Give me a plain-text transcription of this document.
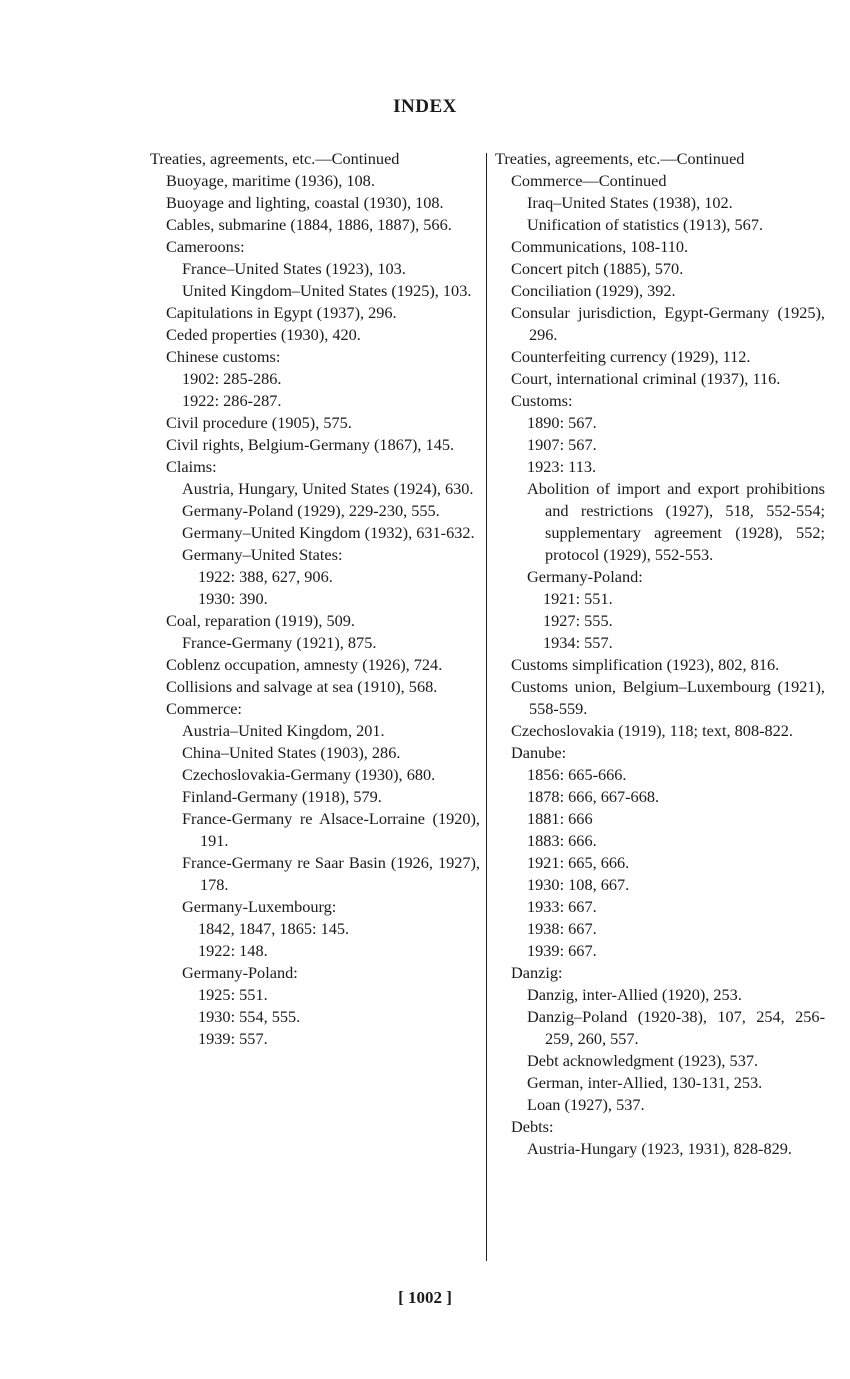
INDEX

Treaties, agreements, etc.—Continued

Buoyage, maritime (1936), 108.

Buoyage and lighting, coastal (1930), 108.

Cables, submarine (1884, 1886, 1887), 566.

Cameroons:

France–United States (1923), 103.

United Kingdom–United States (1925), 103.

Capitulations in Egypt (1937), 296.

Ceded properties (1930), 420.

Chinese customs:

1902: 285-286.

1922: 286-287.

Civil procedure (1905), 575.

Civil rights, Belgium-Germany (1867), 145.

Claims:

Austria, Hungary, United States (1924), 630.

Germany-Poland (1929), 229-230, 555.

Germany–United Kingdom (1932), 631-632.

Germany–United States:

1922: 388, 627, 906.

1930: 390.

Coal, reparation (1919), 509.

France-Germany (1921), 875.

Coblenz occupation, amnesty (1926), 724.

Collisions and salvage at sea (1910), 568.

Commerce:

Austria–United Kingdom, 201.

China–United States (1903), 286.

Czechoslovakia-Germany (1930), 680.

Finland-Germany (1918), 579.

France-Germany re Alsace-Lorraine (1920), 191.

France-Germany re Saar Basin (1926, 1927), 178.

Germany-Luxembourg:

1842, 1847, 1865: 145.

1922: 148.

Germany-Poland:

1925: 551.

1930: 554, 555.

1939: 557.

Treaties, agreements, etc.—Continued

Commerce—Continued

Iraq–United States (1938), 102.

Unification of statistics (1913), 567.

Communications, 108-110.

Concert pitch (1885), 570.

Conciliation (1929), 392.

Consular jurisdiction, Egypt-Germany (1925), 296.

Counterfeiting currency (1929), 112.

Court, international criminal (1937), 116.

Customs:

1890: 567.

1907: 567.

1923: 113.

Abolition of import and export prohibitions and restrictions (1927), 518, 552-554; supplementary agreement (1928), 552; protocol (1929), 552-553.

Germany-Poland:

1921: 551.

1927: 555.

1934: 557.

Customs simplification (1923), 802, 816.

Customs union, Belgium–Luxembourg (1921), 558-559.

Czechoslovakia (1919), 118; text, 808-822.

Danube:

1856: 665-666.

1878: 666, 667-668.

1881: 666

1883: 666.

1921: 665, 666.

1930: 108, 667.

1933: 667.

1938: 667.

1939: 667.

Danzig:

Danzig, inter-Allied (1920), 253.

Danzig–Poland (1920-38), 107, 254, 256-259, 260, 557.

Debt acknowledgment (1923), 537.

German, inter-Allied, 130-131, 253.

Loan (1927), 537.

Debts:

Austria-Hungary (1923, 1931), 828-829.

[ 1002 ]
